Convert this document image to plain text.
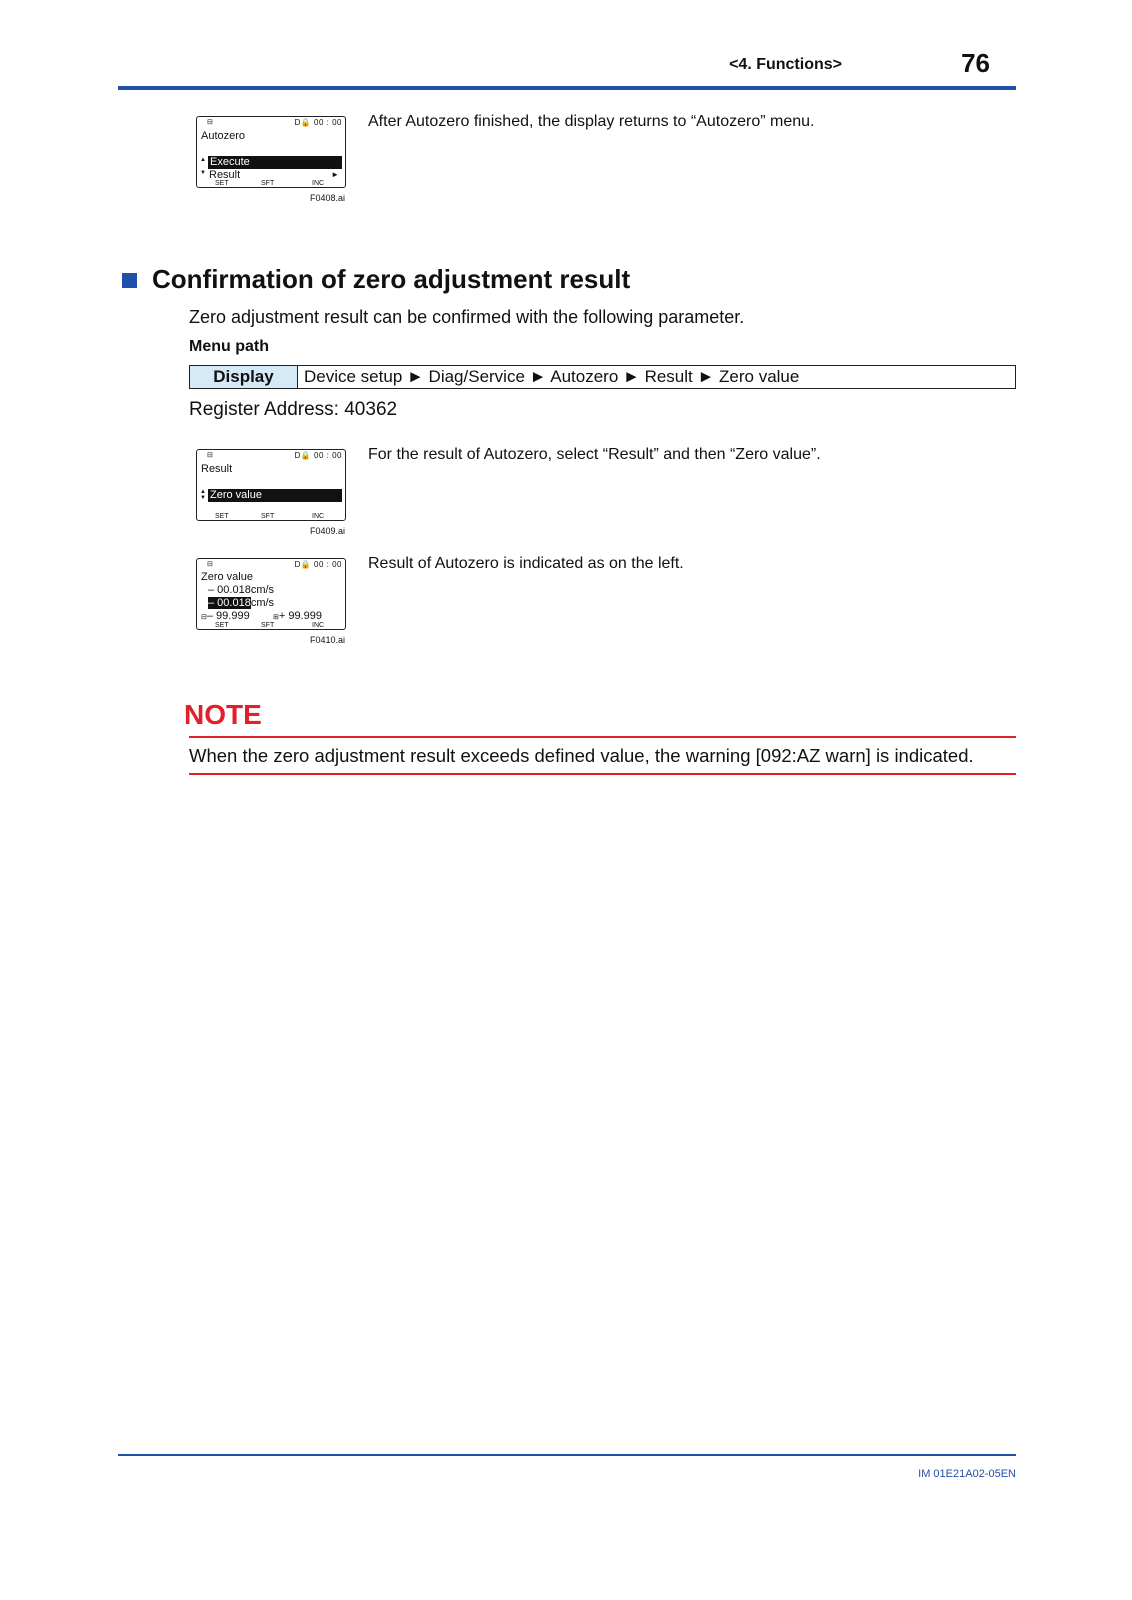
<4. Functions>	76
⊟	D🔒 00 : 00
Autozero
▲ Execute
▼ Result	►
SET	SFT	INC
F0408.ai
After Autozero finished, the display returns to “Autozero” menu.
Confirmation of zero adjustment result
Zero adjustment result can be confirmed with the following parameter.
Menu path
Display	Device setup ► Diag/Service ► Autozero ► Result ► Zero value
Register Address: 40362
⊟	D🔒 00 : 00
Result
▲
▼ Zero value
SET	SFT	INC
F0409.ai
For the result of Autozero, select “Result” and then “Zero value”.
⊟	D🔒 00 : 00
Zero value
– 00.018cm/s
– 00.018cm/s
⊟– 99.999	⊞+ 99.999
SET	SFT	INC
F0410.ai
Result of Autozero is indicated as on the left.
NOTE
When the zero adjustment result exceeds defined value, the warning [092:AZ warn] is indicated.
IM 01E21A02-05EN
